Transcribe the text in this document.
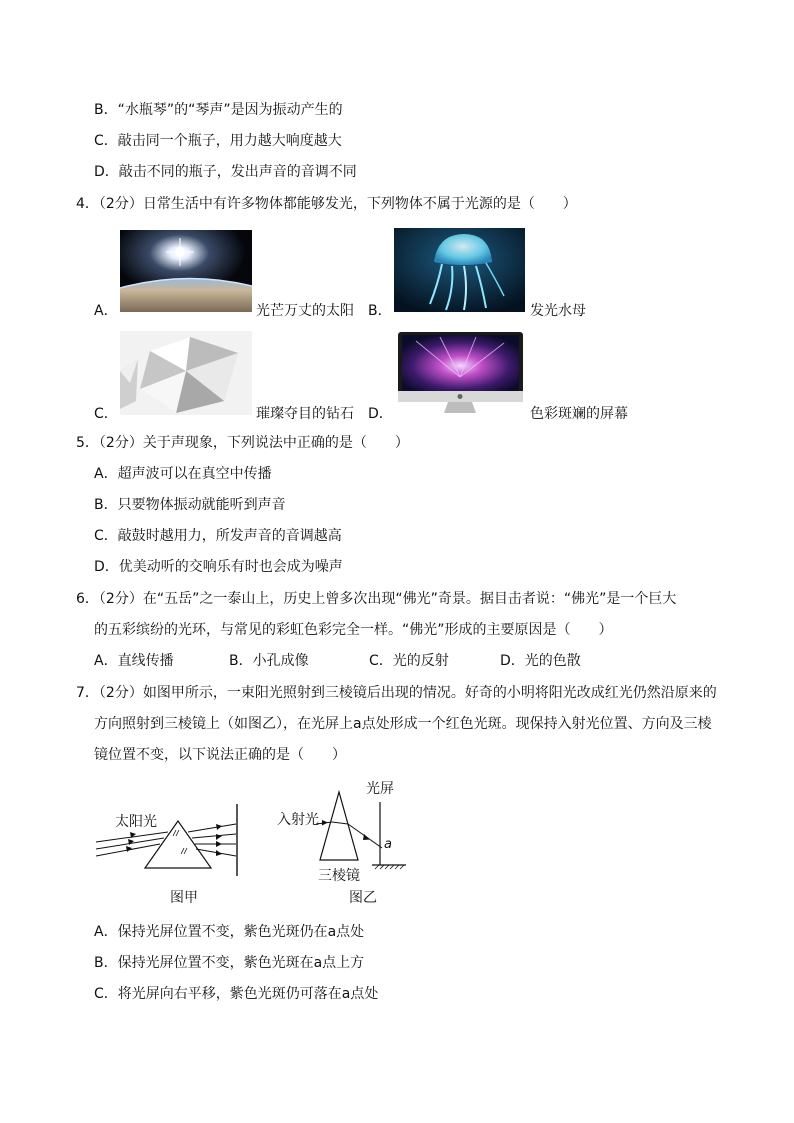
B．“水瓶琴”的“琴声”是因为振动产生的
C．敲击同一个瓶子，用力越大响度越大
D．敲击不同的瓶子，发出声音的音调不同
4．（2分）日常生活中有许多物体都能够发光，下列物体不属于光源的是（　　）
A．	光芒万丈的太阳 B．	发光水母
C．	璀璨夺目的钻石 D．	色彩斑斓的屏幕
5．（2分）关于声现象，下列说法中正确的是（　　）
A．超声波可以在真空中传播
B．只要物体振动就能听到声音
C．敲鼓时越用力，所发声音的音调越高
D．优美动听的交响乐有时也会成为噪声
6．（2分）在“五岳”之一泰山上，历史上曾多次出现“佛光”奇景。据目击者说：“佛光”是一个巨大
的五彩缤纷的光环，与常见的彩虹色彩完全一样。“佛光”形成的主要原因是（　　）
A．直线传播	B．小孔成像	C．光的反射	D．光的色散
7．（2分）如图甲所示，一束阳光照射到三棱镜后出现的情况。好奇的小明将阳光改成红光仍然沿原来的
方向照射到三棱镜上（如图乙），在光屏上a点处形成一个红色光斑。现保持入射光位置、方向及三棱
镜位置不变，以下说法正确的是（　　）
太阳光
图甲
光屏
入射光
a
三棱镜
图乙
A．保持光屏位置不变，紫色光斑仍在a点处
B．保持光屏位置不变，紫色光斑在a点上方
C．将光屏向右平移，紫色光斑仍可落在a点处
